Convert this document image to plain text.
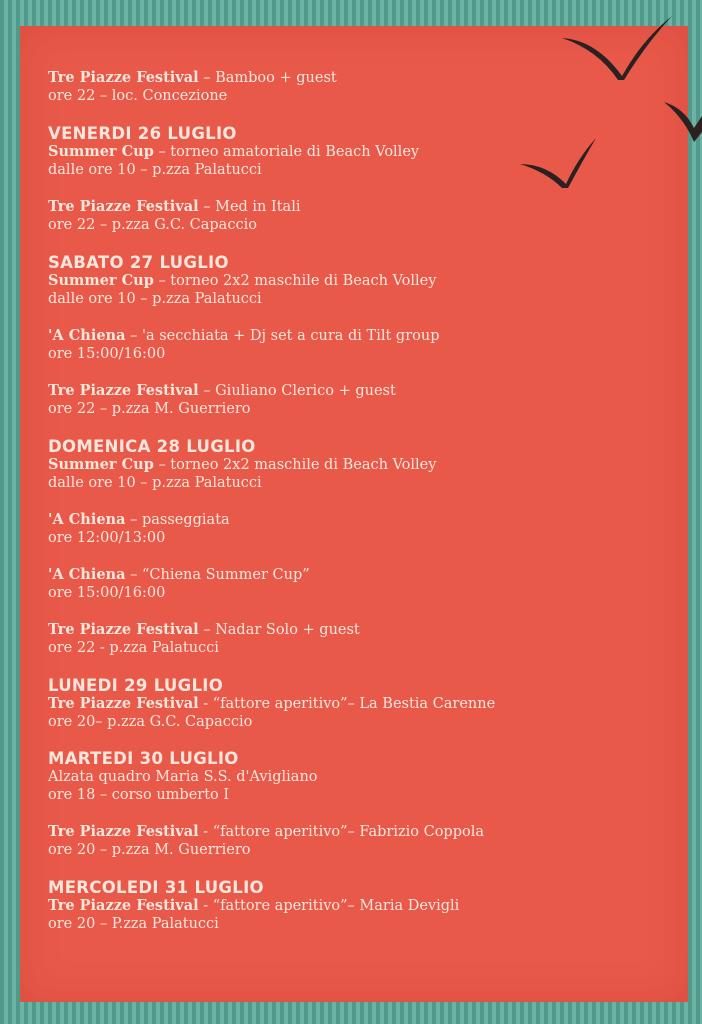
Tre Piazze Festival – Bamboo + guest
ore 22 – loc. Concezione
VENERDI 26 LUGLIO
Summer Cup – torneo amatoriale di Beach Volley
dalle ore 10 – p.zza Palatucci
Tre Piazze Festival – Med in Itali
ore 22 – p.zza G.C. Capaccio
SABATO 27 LUGLIO
Summer Cup – torneo 2x2 maschile di Beach Volley
dalle ore 10 – p.zza Palatucci
'A Chiena – 'a secchiata + Dj set a cura di Tilt group
ore 15:00/16:00
Tre Piazze Festival – Giuliano Clerico + guest
ore 22 – p.zza M. Guerriero
DOMENICA 28 LUGLIO
Summer Cup – torneo 2x2 maschile di Beach Volley
dalle ore 10 – p.zza Palatucci
'A Chiena – passeggiata
ore 12:00/13:00
'A Chiena – “Chiena Summer Cup”
ore 15:00/16:00
Tre Piazze Festival – Nadar Solo + guest
ore 22 - p.zza Palatucci
LUNEDI 29 LUGLIO
Tre Piazze Festival - “fattore aperitivo”– La Bestia Carenne
ore 20– p.zza G.C. Capaccio
MARTEDI 30 LUGLIO
Alzata quadro Maria S.S. d'Avigliano
ore 18 – corso umberto I
Tre Piazze Festival - “fattore aperitivo”– Fabrizio Coppola
ore 20 – p.zza M. Guerriero
MERCOLEDI 31 LUGLIO
Tre Piazze Festival - “fattore aperitivo”– Maria Devigli
ore 20 – P.zza Palatucci
